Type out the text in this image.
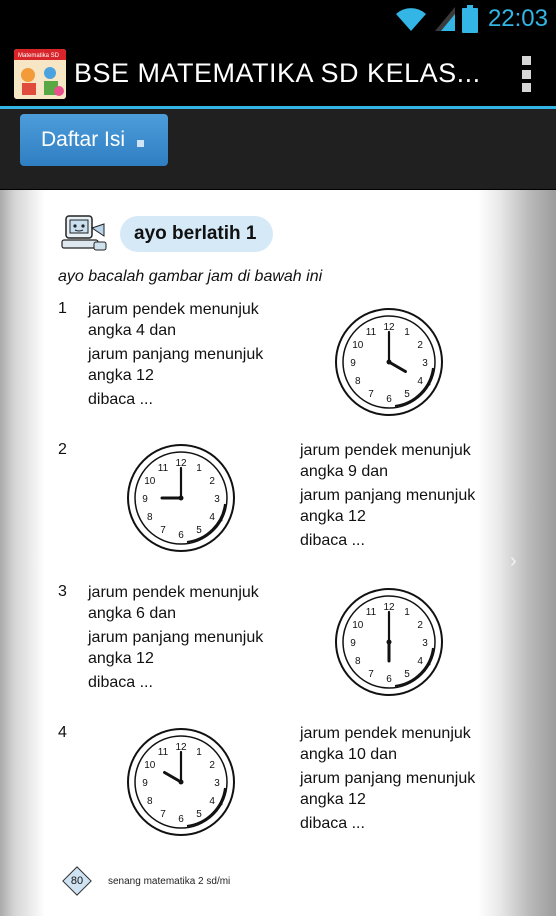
22:03
Matematika SD
BSE MATEMATIKA SD KELAS...
Daftar Isi
‹	›
ayo berlatih 1
ayo bacalah gambar jam di bawah ini
1 jarum pendek menunjuk
angka 4 dan

jarum panjang menunjuk
angka 12

dibaca ...

12 1
2
3
4
5
6
7
8
9
10
11
2
12 1
2
3
4
5
6
7
8
9
10
11

jarum pendek menunjuk
angka 9 dan

jarum panjang menunjuk
angka 12

dibaca ...

3 jarum pendek menunjuk
angka 6 dan

jarum panjang menunjuk
angka 12

dibaca ...

12 1
2
3
4
5
6
7
8
9
10
11
4
12 1
2
3
4
5
6
7
8
9
10
11

jarum pendek menunjuk
angka 10 dan

jarum panjang menunjuk
angka 12

dibaca ...

80	senang matematika 2 sd/mi
